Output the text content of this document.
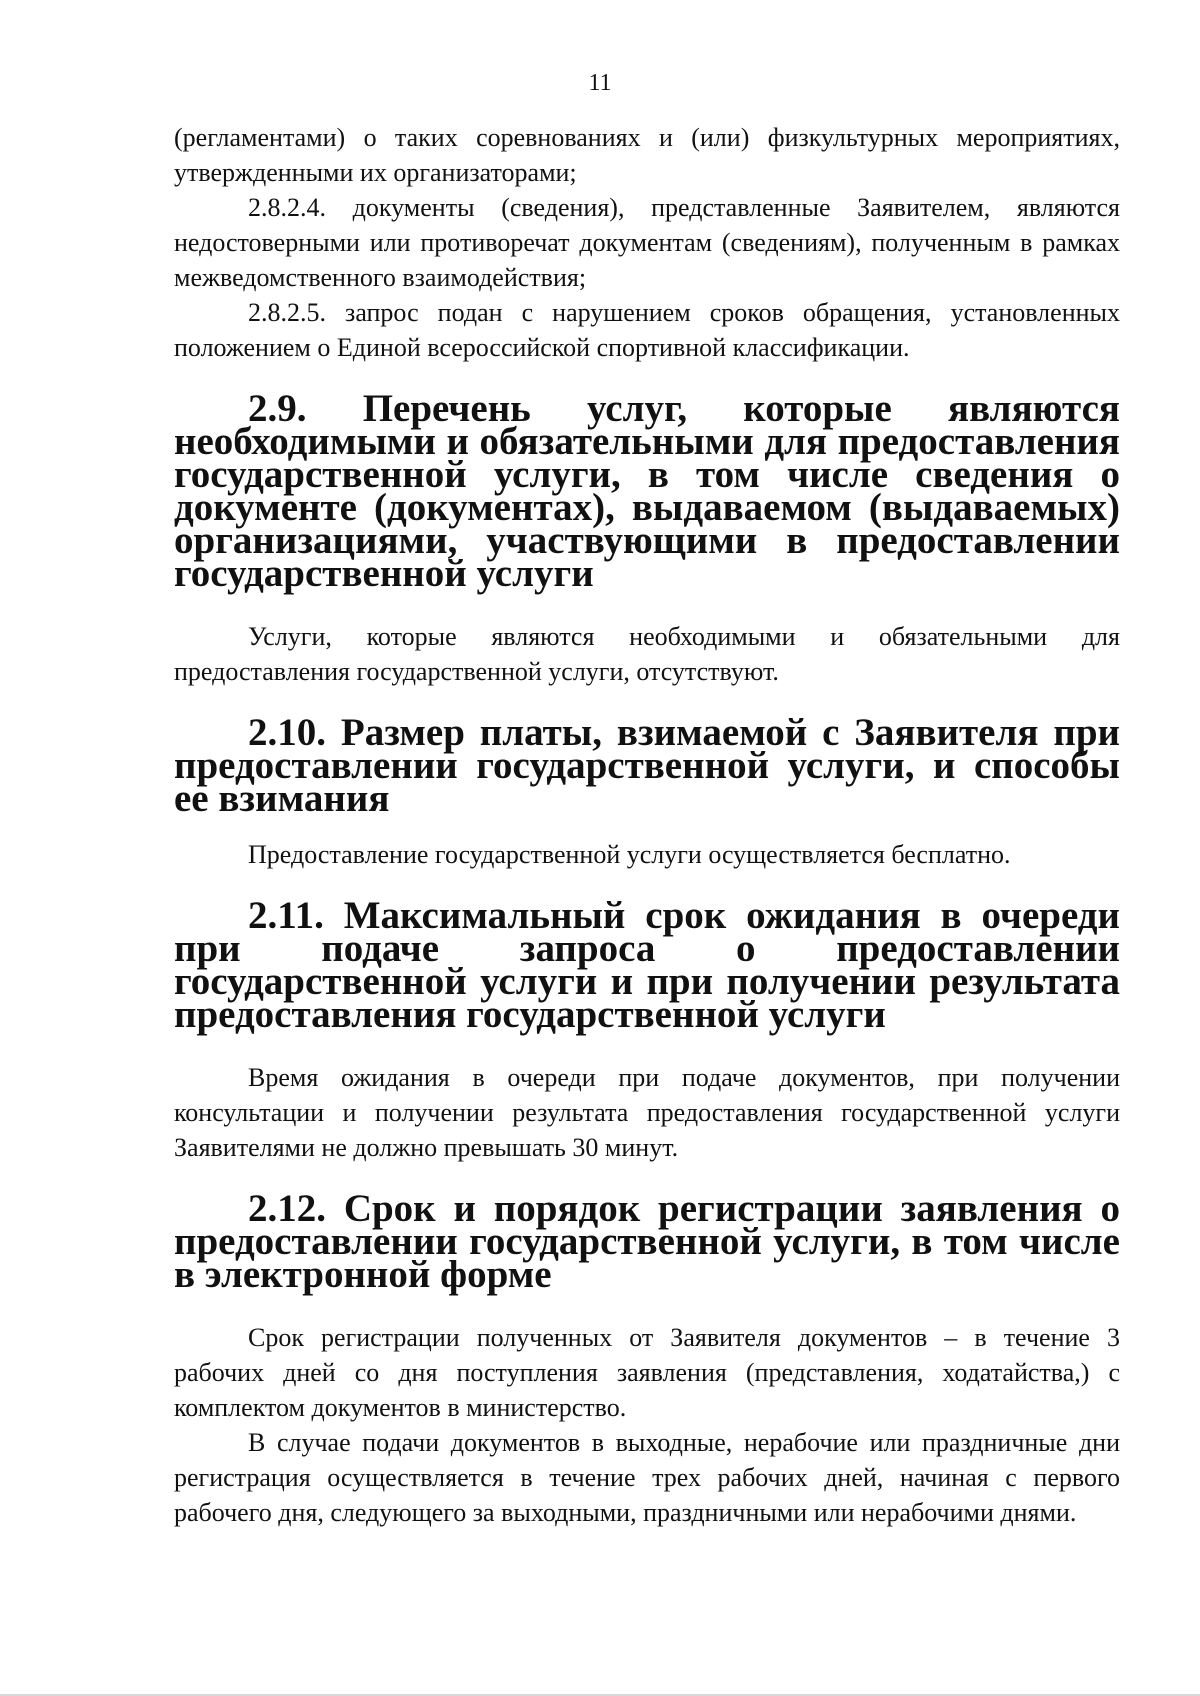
11

(регламентами) о таких соревнованиях и (или) физкультурных мероприятиях, утвержденными их организаторами;

2.8.2.4. документы (сведения), представленные Заявителем, являются недостоверными или противоречат документам (сведениям), полученным в рамках межведомственного взаимодействия;

2.8.2.5. запрос подан с нарушением сроков обращения, установленных положением о Единой всероссийской спортивной классификации.

2.9. Перечень услуг, которые являются необходимыми и обязательными для предоставления государственной услуги, в том числе сведения о документе (документах), выдаваемом (выдаваемых) организациями, участвующими в предоставлении государственной услуги

Услуги, которые являются необходимыми и обязательными для предоставления государственной услуги, отсутствуют.

2.10. Размер платы, взимаемой с Заявителя при предоставлении государственной услуги, и способы ее взимания

Предоставление государственной услуги осуществляется бесплатно.

2.11. Максимальный срок ожидания в очереди при подаче запроса о предоставлении государственной услуги и при получении результата предоставления государственной услуги

Время ожидания в очереди при подаче документов, при получении консультации и получении результата предоставления государственной услуги Заявителями не должно превышать 30 минут.

2.12. Срок и порядок регистрации заявления о предоставлении государственной услуги, в том числе в электронной форме

Срок регистрации полученных от Заявителя документов – в течение 3 рабочих дней со дня поступления заявления (представления, ходатайства,) с комплектом документов в министерство.

В случае подачи документов в выходные, нерабочие или праздничные дни регистрация осуществляется в течение трех рабочих дней, начиная с первого рабочего дня, следующего за выходными, праздничными или нерабочими днями.
